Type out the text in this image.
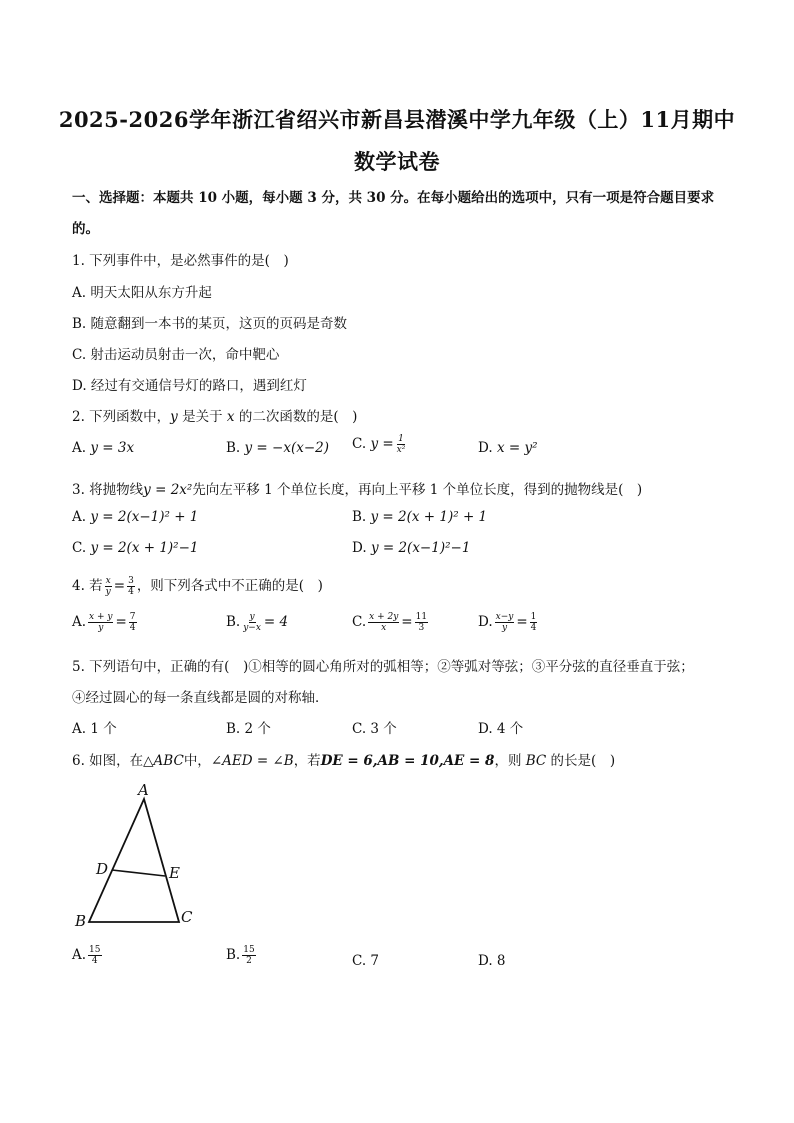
2025-2026学年浙江省绍兴市新昌县潜溪中学九年级（上）11月期中
数学试卷
一、选择题：本题共 10 小题，每小题 3 分，共 30 分。在每小题给出的选项中，只有一项是符合题目要求
的。
1. 下列事件中，是必然事件的是(　)
A. 明天太阳从东方升起
B. 随意翻到一本书的某页，这页的页码是奇数
C. 射击运动员射击一次，命中靶心
D. 经过有交通信号灯的路口，遇到红灯
2. 下列函数中，y 是关于 x 的二次函数的是(　)
A. y = 3x	B. y = −x(x−2) C. $y = \frac{1}{\text{x²}}$	D. x = y²
3. 将抛物线y = 2x²先向左平移 1 个单位长度，再向上平移 1 个单位长度，得到的抛物线是(　)
A. y = 2(x−1)² + 1	B. y = 2(x + 1)² + 1
C. y = 2(x + 1)²−1	D. y = 2(x−1)²−1
4. 若 $\frac{x}{y} = \frac{3}{4}$ ，则下列各式中不正确的是(　)
A. $\frac{x + y}{y} = \frac{7}{4}$	B. $\frac{y}{y-x} = 4$	C. $\frac{x + 2y}{x} = \frac{11}{3}$	D. $\frac{x-y}{y} = \frac{1}{4}$
5. 下列语句中，正确的有(　)①相等的圆心角所对的弧相等；②等弧对等弦；③平分弦的直径垂直于弦；
④经过圆心的每一条直线都是圆的对称轴．
A. 1 个	B. 2 个	C. 3 个	D. 4 个
6. 如图，在△ABC中，∠AED = ∠B，若DE = 6,AB = 10,AE = 8，则 BC 的长是(　)
A
B	C
D	E
A. $\frac{15}{4}$	B. $\frac{15}{2}$	C. 7	D. 8
